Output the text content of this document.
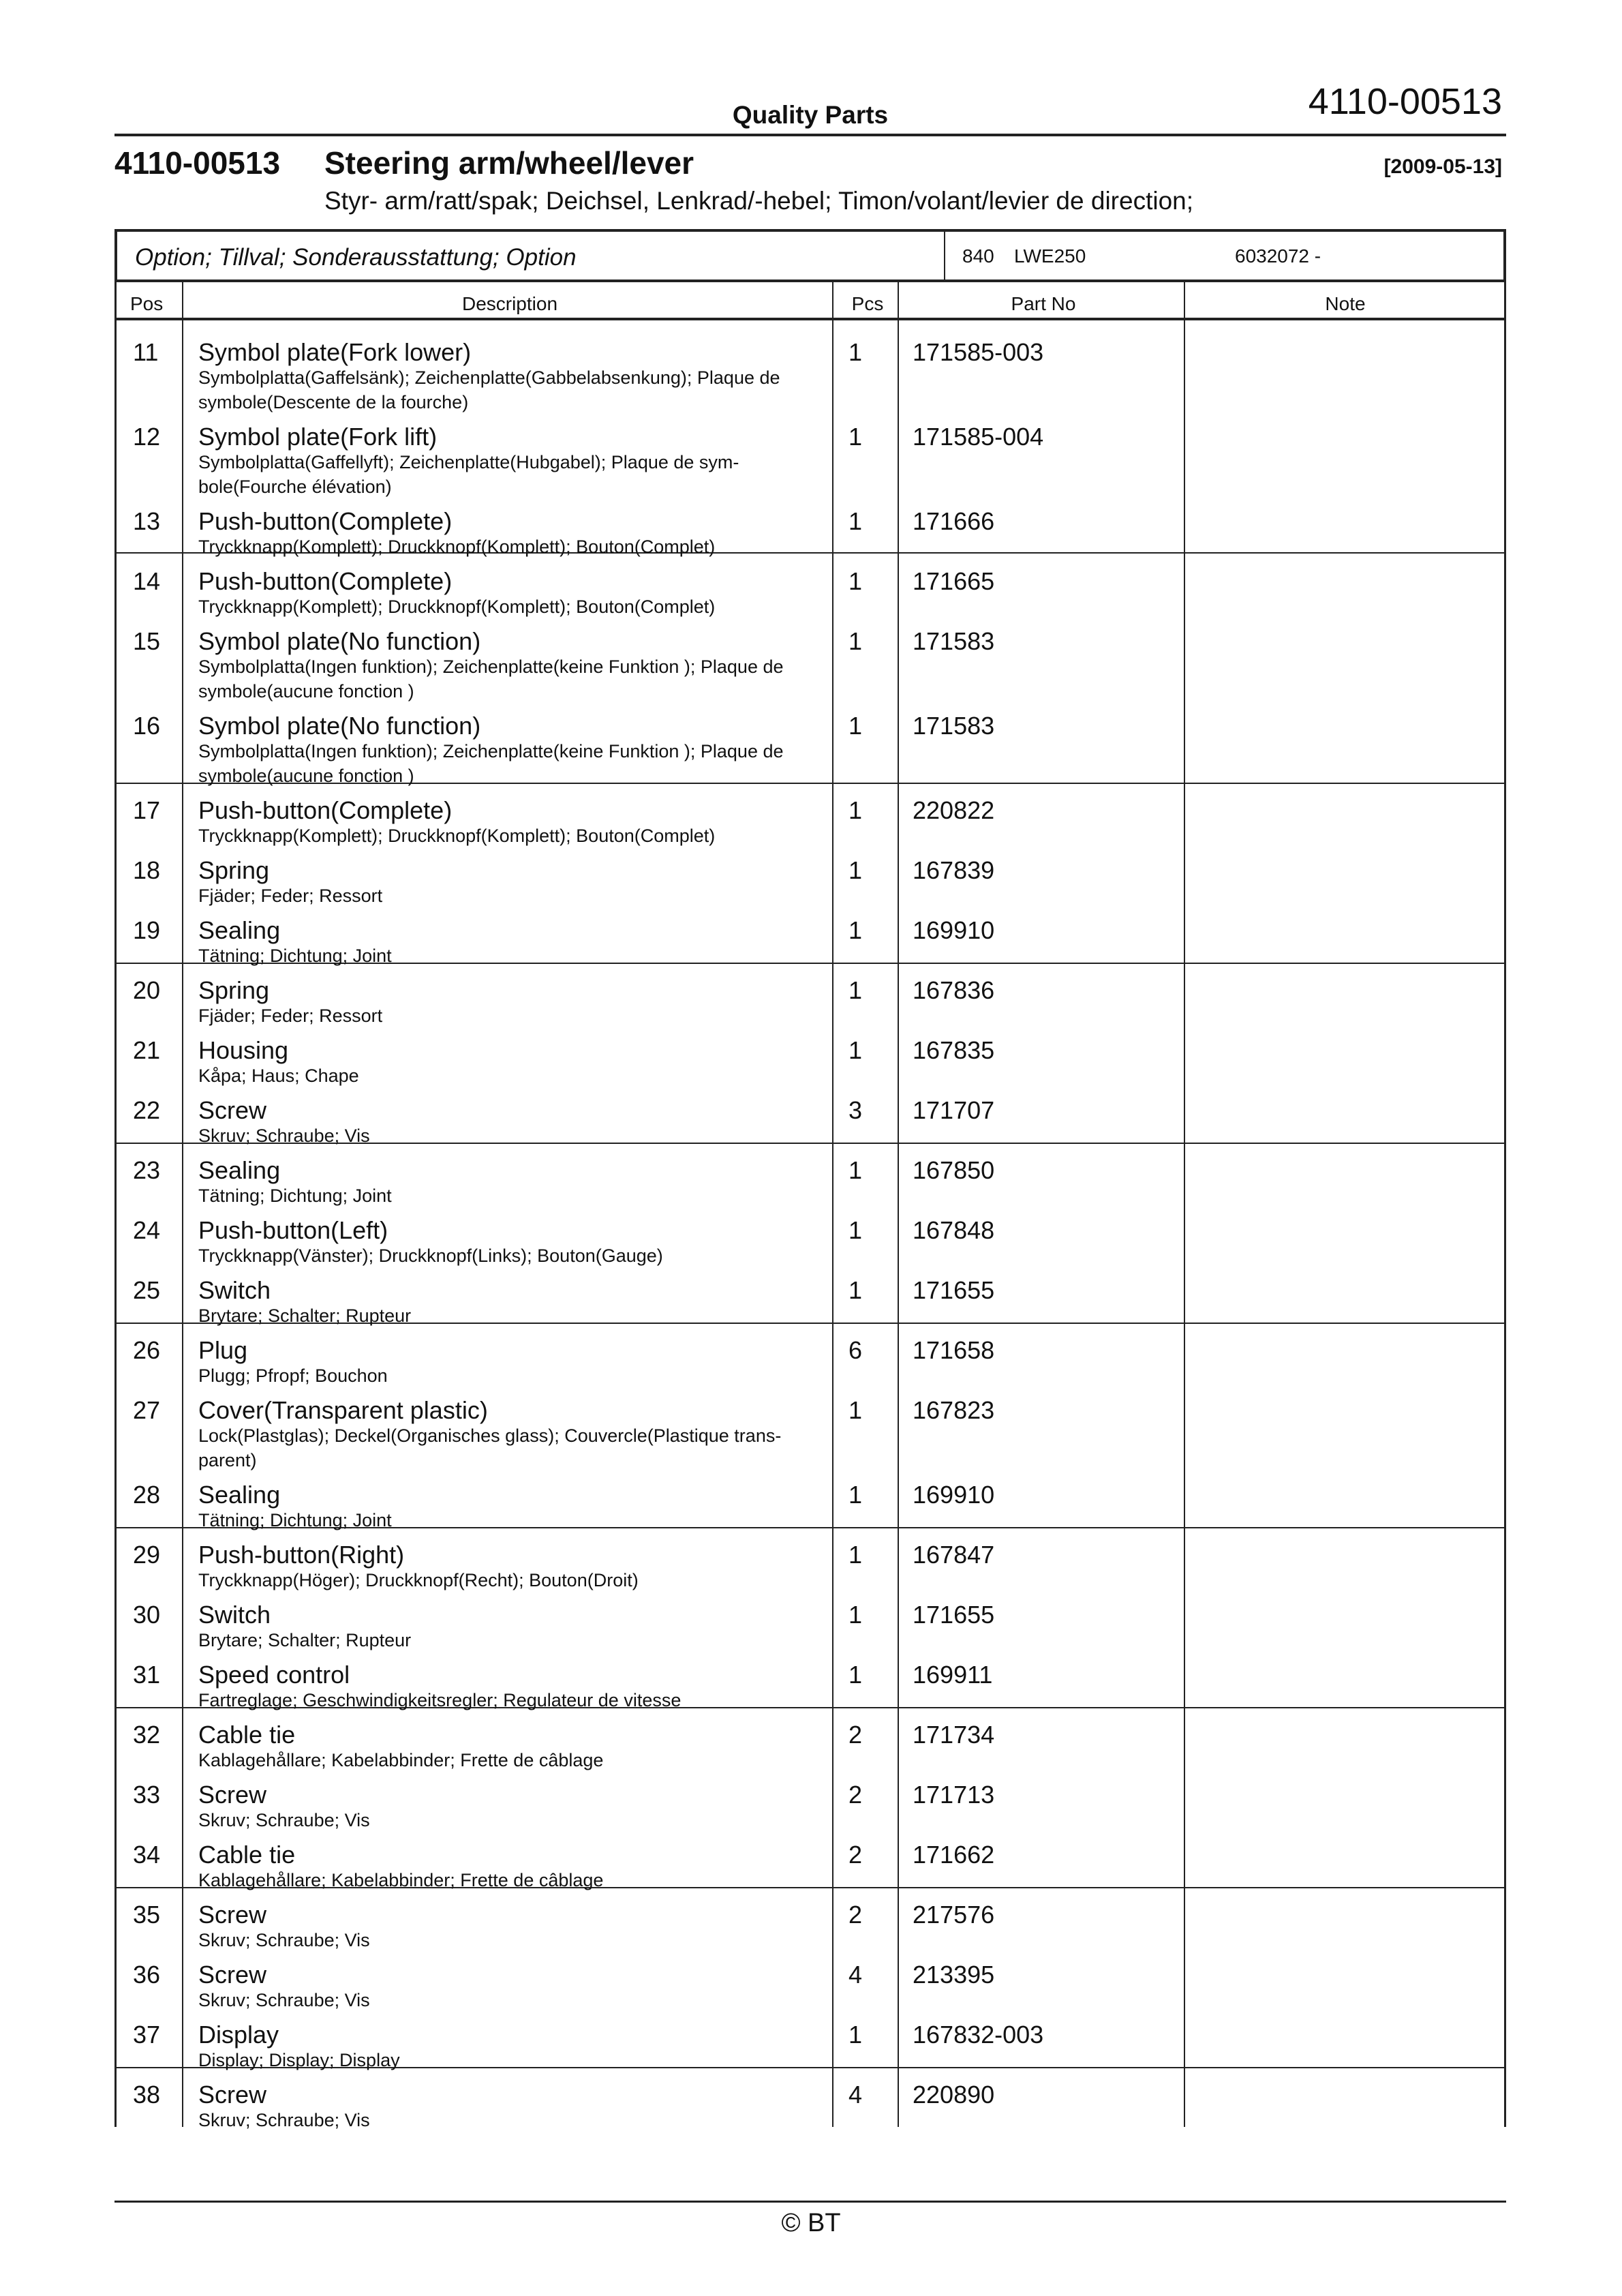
Quality Parts	4110-00513
4110-00513 Steering arm/wheel/lever	[2009-05-13]
Styr- arm/ratt/spak; Deichsel, Lenkrad/-hebel; Timon/volant/levier de direction;
Option; Tillval; Sonderausstattung; Option	840 LWE250	6032072 -
Pos	Description	Pcs	Part No	Note
11 Symbol plate(Fork lower)
Symbolplatta(Gaffelsänk); Zeichenplatte(Gabbelabsenkung); Plaque de symbole(Descente de la fourche)
1 171585-003
12 Symbol plate(Fork lift)
Symbolplatta(Gaffellyft); Zeichenplatte(Hubgabel); Plaque de sym-bole(Fourche élévation)
1 171585-004
13 Push-button(Complete)
Tryckknapp(Komplett); Druckknopf(Komplett); Bouton(Complet)
1 171666
14 Push-button(Complete)
Tryckknapp(Komplett); Druckknopf(Komplett); Bouton(Complet)
1 171665
15 Symbol plate(No function)
Symbolplatta(Ingen funktion); Zeichenplatte(keine Funktion ); Plaque de symbole(aucune fonction )
1 171583
16 Symbol plate(No function)
Symbolplatta(Ingen funktion); Zeichenplatte(keine Funktion ); Plaque de symbole(aucune fonction )
1 171583
17 Push-button(Complete)
Tryckknapp(Komplett); Druckknopf(Komplett); Bouton(Complet)
1 220822
18 Spring
Fjäder; Feder; Ressort
1 167839
19 Sealing
Tätning; Dichtung; Joint
1 169910
20 Spring
Fjäder; Feder; Ressort
1 167836
21 Housing
Kåpa; Haus; Chape
1 167835
22 Screw
Skruv; Schraube; Vis
3 171707
23 Sealing
Tätning; Dichtung; Joint
1 167850
24 Push-button(Left)
Tryckknapp(Vänster); Druckknopf(Links); Bouton(Gauge)
1 167848
25 Switch
Brytare; Schalter; Rupteur
1 171655
26 Plug
Plugg; Pfropf; Bouchon
6 171658
27 Cover(Transparent plastic)
Lock(Plastglas); Deckel(Organisches glass); Couvercle(Plastique trans-parent)
1 167823
28 Sealing
Tätning; Dichtung; Joint
1 169910
29 Push-button(Right)
Tryckknapp(Höger); Druckknopf(Recht); Bouton(Droit)
1 167847
30 Switch
Brytare; Schalter; Rupteur
1 171655
31 Speed control
Fartreglage; Geschwindigkeitsregler; Regulateur de vitesse
1 169911
32 Cable tie
Kablagehållare; Kabelabbinder; Frette de câblage
2 171734
33 Screw
Skruv; Schraube; Vis
2 171713
34 Cable tie
Kablagehållare; Kabelabbinder; Frette de câblage
2 171662
35 Screw
Skruv; Schraube; Vis
2 217576
36 Screw
Skruv; Schraube; Vis
4 213395
37 Display
Display; Display; Display
1 167832-003
38 Screw
Skruv; Schraube; Vis
4 220890
© BT
